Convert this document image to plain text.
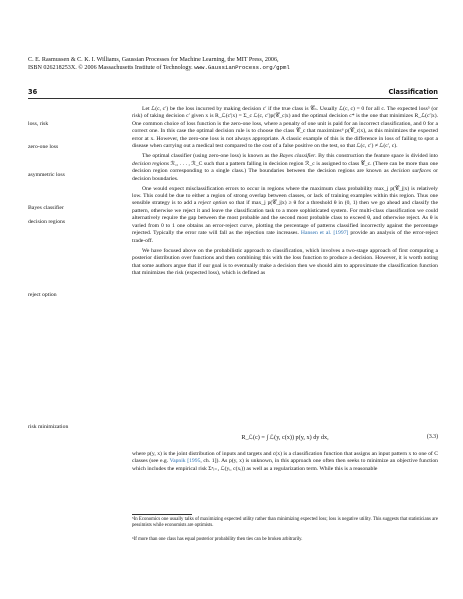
C. E. Rasmussen & C. K. I. Williams, Gaussian Processes for Machine Learning, the MIT Press, 2006,
ISBN 026218253X. © 2006 Massachusetts Institute of Technology. www.GaussianProcess.org/gpml
36	Classification
loss, risk
zero-one loss
asymmetric loss
Bayes classifier
decision regions
reject option
risk minimization

Let ℒ(c, c′) be the loss incurred by making decision c′ if the true class is 𝒞ₙ. Usually ℒ(c, c) = 0 for all c. The expected loss⁵ (or risk) of taking decision c′ given x is R_ℒ(c′|x) = Σ_c ℒ(c, c′)p(𝒞_c|x) and the optimal decision c* is the one that minimizes R_ℒ(c′|x). One common choice of loss function is the zero-one loss, where a penalty of one unit is paid for an incorrect classification, and 0 for a correct one. In this case the optimal decision rule is to choose the class 𝒞_c that maximizes⁶ p(𝒞_c|x), as this minimizes the expected error at x. However, the zero-one loss is not always appropriate. A classic example of this is the difference in loss of failing to spot a disease when carrying out a medical test compared to the cost of a false positive on the test, so that ℒ(c, c′) ≠ ℒ(c′, c).

The optimal classifier (using zero-one loss) is known as the Bayes classifier. By this construction the feature space is divided into decision regions ℛ₁, . . . , ℛ_C such that a pattern falling in decision region ℛ_c is assigned to class 𝒞_c. (There can be more than one decision region corresponding to a single class.) The boundaries between the decision regions are known as decision surfaces or decision boundaries.

One would expect misclassification errors to occur in regions where the maximum class probability max_j p(𝒞_j|x) is relatively low. This could be due to either a region of strong overlap between classes, or lack of training examples within this region. Thus one sensible strategy is to add a reject option so that if max_j p(𝒞_j|x) ≥ θ for a threshold θ in (0, 1) then we go ahead and classify the pattern, otherwise we reject it and leave the classification task to a more sophisticated system. For multi-class classification we could alternatively require the gap between the most probable and the second most probable class to exceed θ, and otherwise reject. As θ is varied from 0 to 1 one obtains an error-reject curve, plotting the percentage of patterns classified incorrectly against the percentage rejected. Typically the error rate will fall as the rejection rate increases. Hansen et al. [1997] provide an analysis of the error-reject trade-off.

We have focused above on the probabilistic approach to classification, which involves a two-stage approach of first computing a posterior distribution over functions and then combining this with the loss function to produce a decision. However, it is worth noting that some authors argue that if our goal is to eventually make a decision then we should aim to approximate the classification function that minimizes the risk (expected loss), which is defined as

R_ℒ(c) = ∫ ℒ(y, c(x)) p(y, x) dy dx,	(3.3)

where p(y, x) is the joint distribution of inputs and targets and c(x) is a classification function that assigns an input pattern x to one of C classes (see e.g. Vapnik [1995, ch. 1]). As p(y, x) is unknown, in this approach one often then seeks to minimize an objective function which includes the empirical risk Σⁿᵢ₌₁ ℒ(yᵢ, c(xᵢ)) as well as a regularization term. While this is a reasonable

⁵In Economics one usually talks of maximizing expected utility rather than minimizing expected loss; loss is negative utility. This suggests that statisticians are pessimists while economists are optimists.
⁶If more than one class has equal posterior probability then ties can be broken arbitrarily.
